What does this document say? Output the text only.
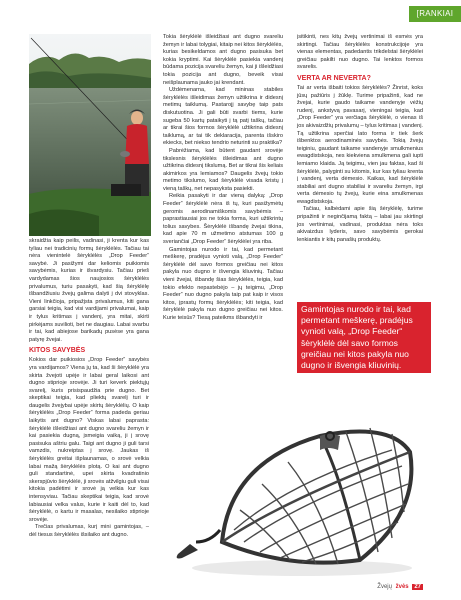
[RANKIAI

skraidžia kaip peilis, vadinasi, ji krenta kur kas tyliau nei tradicinių formų šėryklėlės. Tačiau tai nėra vienintelė šėryklėlės „Drop Feeder“ savybė. Ji pasižymi dar keliomis puikiomis savybėmis, kurias ir išvardysiu. Tačiau prieš vardydamas šios naujosios šėryklėlės privalumus, turiu pasakyti, kad šią šėryklėlę išbandžiusiu žvejų galima dalyti į dvi stovyklas. Vieni linkčioja, pripažįsta privalumus, kiti gana garsiai teigia, kad visi vardijami privalumai, kaip ir tylus kritimas į vandenį, yra mitai, skirti pirkėjams suvilioti, bet ne daugiau. Labai svarbu ir tai, kad abiejose barikadų pusėse yra gana patyrę žvejai.

KITOS SAVYBĖS

Kokios dar puikiosios „Drop Feeder“ savybės yra vardijamos? Viena jų ta, kad ši šėryklėlė yra skirta žvejoti upėje ir labai geral laikosi ant dugno stiprioje srovėje. Ji turi keverk piektųjų svarelį, kuris prisispaudžia prie dugno. Bet skeptikai teigia, kad pliektų svarelį turi ir daugelis žvejybai upėje skirtų šėryklėlių. O kaip šėryklėlės „Drop Feeder“ forma padeda geriau laikytis ant dugno? Viskas labai paprasta: šėryklėlė išleidžiasi ant dugno svareliu žemyn ir kai pasiekia dugną, įsmeigia vaiką, ji į srovę pasisuka aštriu galu. Taigi ant dugno ji guli tarsi vamzdis, nukreiptas į srovę. Jaukas iš šėryklėlės greitai išplaunamas, o srovė velkia labai mažą šėryklėlės plotą. O kai ant dugno guli standartinė, upei skirta kvadratinio skerspjūvio šėryklėlė, ji srovės atžvilgiu guli visai kitokia padėtimi ir srovė ją velkia kur kas intensyviau. Tačiau skeptikai teigia, kad srovė labiausiai velka valus, kurie ir kaiti dėl to, kad šėryklėlė, o kartu ir masalas, nesilaiko stiprioje srovėje.

Trečias privalumas, kurį mini gamintojas, – dėl tiesus šėryklėlės išsilaiko ant dugno.

Tokia šėryklėlė išleidžiasi ant dugno svareliu žemyn ir labai tolygiai, kitaip nei kitos šėryklėlės, kurias besikeldamos ant dugno pasisuka bet kokia kryptimi. Kai šėryklėlė pasiekia vandenį būdama pozicija svareliu žemyn, kai ji išleidžiasi tokia pozicija ant dugno, beveik visai neišplaunama jauko jai krendant.

Uždėmenarna, kad mininas stabiles šėryklėlės išleidimas žemyn užtikrina ir didesnį metimų taiklumą. Pastarojį savybę taip pats diskutuotina. Ji gali būti svarbi tiems, kurie sugeba 50 kartų pataikyti į tą patį taškų, tačiau ar tikrai šios formos šėryklėlė užtikrina didesnį taiklumą, ar tai tik deklaracija, parenta išskiro ekiecks, bet niekso tendrio neturinti su praktika?

Pabrėžiama, kad būtent gaudant srovėje tikslesnis šėryklėlės išleidimas ant dugno užtikrina didesnį tikslumą. Bet ar tikrai šis keliais akimirkos yra lemiamos? Daugelis žvejų tokio metimo tikslumo, kad šėryklėlė visada kristų į vieną taškų, net nepasyksta pasiekti.

Reikia pasakyti ir dar vieną dalyką: „Drop Feeder“ šėryklėlė nėra iš tų, kuri pasižymėtų geromis aerodinamiškomis savybėmis – paprastiausiai jos ne tokia forma, kuri užtikrintų tolius savybes. Šėryklėlė išbandę žvejai tikina, kad apie 70 m užmetimo atstumas 100 g sveriančiai „Drop Feeder“ šėryklėlei yra riba.

Gamintojas nurodo ir tai, kad permetant meškerę, pradėjus vynioti valą, „Drop Feeder“ šėryklėlė dėl savo formos greičiau nei kitos pakyla nuo dugno ir išvengia kliuvinių. Tačiau vieni žvejai, išbandę šias šėryklėlės, teigia, kad tokio efekto nepastebėjo – jų teigimu, „Drop Feeder“ nuo dugno pakyla taip pat kaip ir visos kitos, įprastų formų šėryklėlės; kiti teigia, kad šėryklėlė pakyla nuo dugno greičiau nei kitos. Kurie teisūs? Tiesą pateikms išbandyti ir

įsitikinti, nes kitų žvejų vertinimai iš esmės yra skirtingi. Tačiau šėryklėlės konstrukcijoje yra vienas elementas, padedantis trikdelstai šėryklėlei greičiau pakilti nuo dugno. Tai lenktos formos svarelis.

VERTA AR NEVERTA?

Tai ar verta išbaiti tokios šėryklėlės? Žinrist, koks jūsų pažiūris į žūklę. Turime pripažinti, kad ne žvejai, kurie gaudo taikame vandenyje vėžių rudenį, ankstyvą pavasarį, vieningai teigia, kad „Drop Feeder“ yra verčiaga šėryklėlė, o vienas iš jos akivaizdžių privalumų – tylus kritimas į vandenį. Tą užtikrina sperčiai lato forma ir tiek šerk išbenktos aerodinaminės savybės. Tokią žvejų teiginiu, gaudant taikame vandenyje smulkmenius ewagdistskoja, nes kiekviena smulkmena gali iupti lemiamo klaida. Ją teigimu, vien jau faktas, kad ši šėryklėlė, palyginti su kitomis, kur kas tyliau krenta į vandenį, verta dėmesio. Kaikas, kad šėryklėlė stabiliai ant dugno stabiliai ir svareliu žemyn, irgi verta dėmesio tų žvejų, kurie eina smulkmenas ewagdistskoja.

Tačiau, kalbėdami apie šią šėryklėlę, turime pripažinti ir neginčijamą faktą – labai jau skirtingi jos vertinimai, vadinasi, produktas nėra toks akivaizdus lyderis, savo savybėmis gerokai lenkiantis ir kitų panašių produktų.

Gamintojas nurodo ir tai, kad permetant meškerę, pradėjus vynioti valą, „Drop Feeder“ šėryklėlė dėl savo formos greičiau nei kitos pakyla nuo dugno ir išvengia kliuvinių.

Žvejų žvės 27
